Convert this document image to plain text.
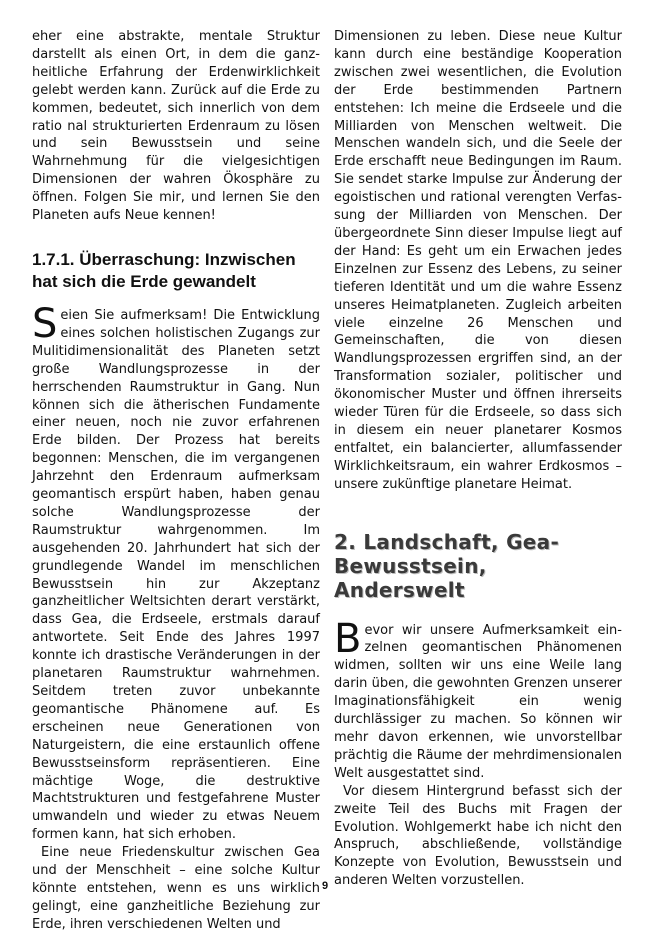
eher eine abstrakte, mentale Struktur darstellt als einen Ort, in dem die ganzheitliche Erfahrung der Erdenwirklichkeit gelebt werden kann. Zurück auf die Erde zu kommen, bedeutet, sich innerlich von dem ratio nal strukturierten Erdenraum zu lösen und sein Bewusstsein und seine Wahrnehmung für die vielgesichtigen Dimensionen der wahren Ökosphäre zu öffnen. Folgen Sie mir, und lernen Sie den Planeten aufs Neue kennen!

1.7.1. Überraschung: Inzwischen hat sich die Erde gewandelt

Seien Sie aufmerksam! Die Entwicklung eines solchen holistischen Zugangs zur Mulitidimensionalität des Planeten setzt große Wandlungsprozesse in der herrschenden Raumstruktur in Gang. Nun können sich die ätherischen Fundamente einer neuen, noch nie zuvor erfahrenen Erde bilden. Der Prozess hat bereits begonnen: Menschen, die im vergangenen Jahrzehnt den Erdenraum aufmerksam geomantisch erspürt haben, haben genau solche Wandlungsprozesse der Raumstruktur wahrgenommen. Im ausgehenden 20. Jahrhundert hat sich der grundlegende Wandel im menschlichen Bewusstsein hin zur Akzeptanz ganzheitlicher Weltsichten derart verstärkt, dass Gea, die Erdseele, erstmals darauf antwortete. Seit Ende des Jahres 1997 konnte ich drastische Veränderungen in der planetaren Raumstruktur wahrnehmen. Seitdem treten zuvor unbekannte geomantische Phänomene auf. Es erscheinen neue Generationen von Naturgeistern, die eine erstaunlich offene Bewusstseinsform repräsentieren. Eine mächtige Woge, die destruktive Machtstrukturen und festgefahrene Muster umwandeln und wieder zu etwas Neuem formen kann, hat sich erhoben.

Eine neue Friedenskultur zwischen Gea und der Menschheit – eine solche Kultur könnte entstehen, wenn es uns wirklich gelingt, eine ganzheitliche Beziehung zur Erde, ihren verschiedenen Welten und

Dimensionen zu leben. Diese neue Kultur kann durch eine beständige Kooperation zwischen zwei wesentlichen, die Evolution der Erde bestimmenden Partnern entstehen: Ich meine die Erdseele und die Milliarden von Menschen weltweit. Die Menschen wandeln sich, und die Seele der Erde erschafft neue Bedingungen im Raum. Sie sendet starke Impulse zur Änderung der egoistischen und rational verengten Verfassung der Milliarden von Menschen. Der übergeordnete Sinn dieser Impulse liegt auf der Hand: Es geht um ein Erwachen jedes Einzelnen zur Essenz des Lebens, zu seiner tieferen Identität und um die wahre Essenz unseres Heimatplaneten. Zugleich arbeiten viele einzelne 26 Menschen und Gemeinschaften, die von diesen Wandlungsprozessen ergriffen sind, an der Transformation sozialer, politischer und ökonomischer Muster und öffnen ihrerseits wieder Türen für die Erdseele, so dass sich in diesem ein neuer planetarer Kosmos entfaltet, ein balancierter, allumfassender Wirklichkeitsraum, ein wahrer Erdkosmos – unsere zukünftige planetare Heimat.

2. Landschaft, Gea-Bewusstsein, Anderswelt

Bevor wir unsere Aufmerksamkeit einzelnen geomantischen Phänomenen widmen, sollten wir uns eine Weile lang darin üben, die gewohnten Grenzen unserer Imaginationsfähigkeit ein wenig durchlässiger zu machen. So können wir mehr davon erkennen, wie unvorstellbar prächtig die Räume der mehrdimensionalen Welt ausgestattet sind.

Vor diesem Hintergrund befasst sich der zweite Teil des Buchs mit Fragen der Evolution. Wohlgemerkt habe ich nicht den Anspruch, abschließende, vollständige Konzepte von Evolution, Bewusstsein und anderen Welten vorzustellen.

9
